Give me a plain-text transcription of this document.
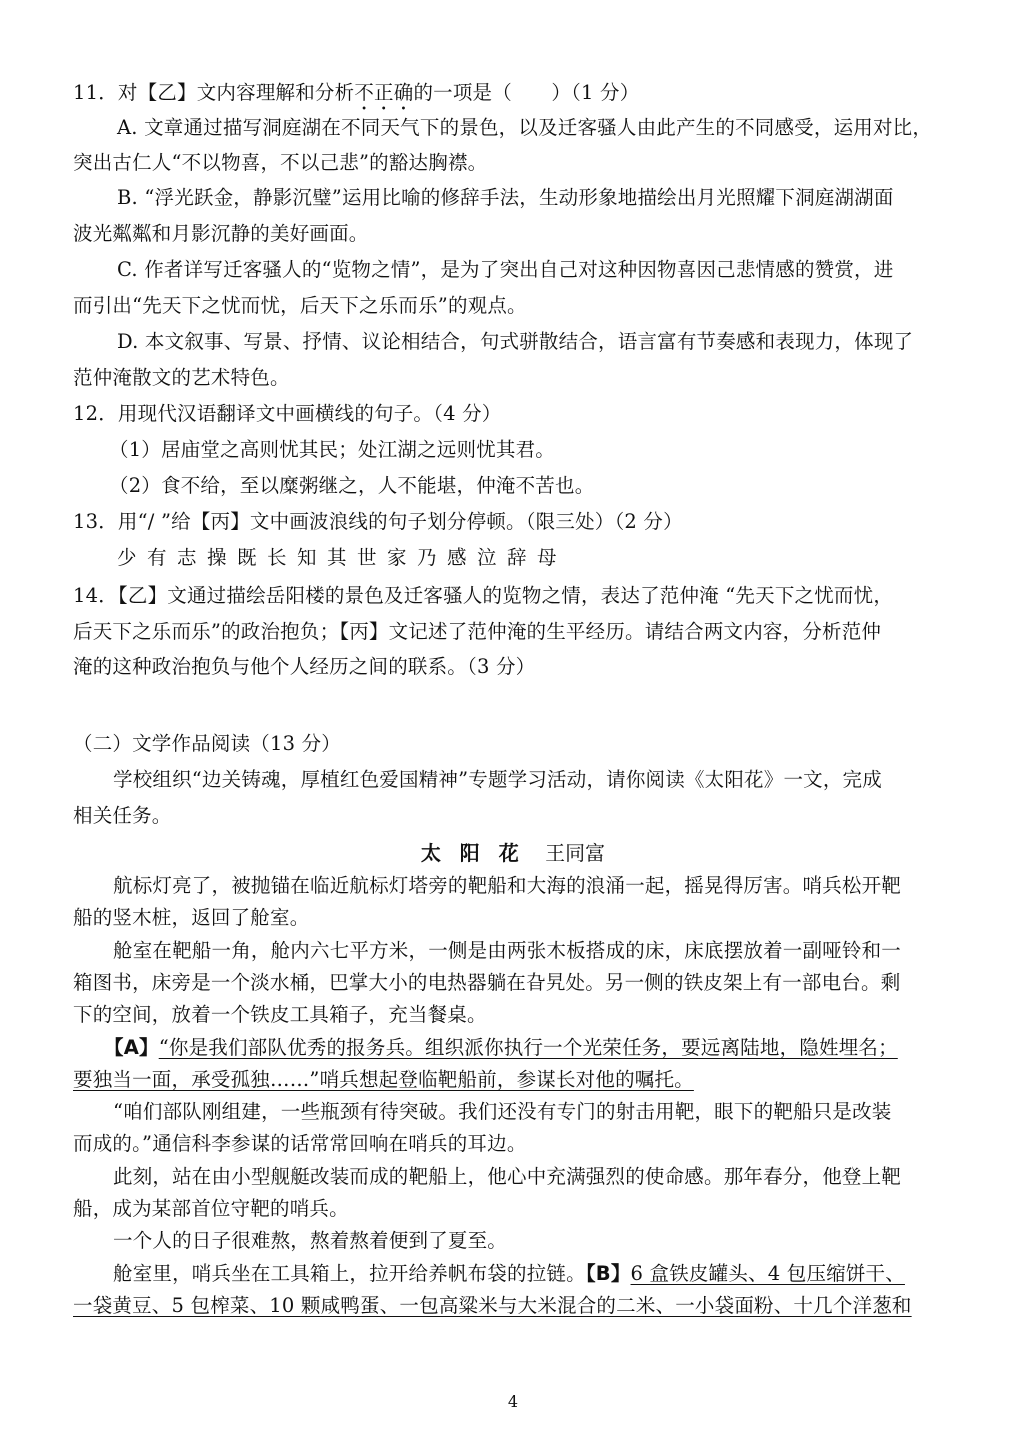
11．对【乙】文内容理解和分析不正确的一项是（　　）（1 分）
A. 文章通过描写洞庭湖在不同天气下的景色，以及迁客骚人由此产生的不同感受，运用对比，
突出古仁人“不以物喜，不以己悲”的豁达胸襟。
B. “浮光跃金，静影沉璧”运用比喻的修辞手法，生动形象地描绘出月光照耀下洞庭湖湖面
波光粼粼和月影沉静的美好画面。
C. 作者详写迁客骚人的“览物之情”，是为了突出自己对这种因物喜因己悲情感的赞赏，进
而引出“先天下之忧而忧，后天下之乐而乐”的观点。
D. 本文叙事、写景、抒情、议论相结合，句式骈散结合，语言富有节奏感和表现力，体现了
范仲淹散文的艺术特色。
12．用现代汉语翻译文中画横线的句子。（4 分）
（1）居庙堂之高则忧其民；处江湖之远则忧其君。
（2）食不给，至以糜粥继之，人不能堪，仲淹不苦也。
13．用“/ ”给【丙】文中画波浪线的句子划分停顿。（限三处）（2 分）
少有志操既长知其世家乃感泣辞母
14．【乙】文通过描绘岳阳楼的景色及迁客骚人的览物之情，表达了范仲淹 “先天下之忧而忧，
后天下之乐而乐”的政治抱负；【丙】文记述了范仲淹的生平经历。请结合两文内容，分析范仲
淹的这种政治抱负与他个人经历之间的联系。（3 分）
（二）文学作品阅读（13 分）
学校组织“边关铸魂，厚植红色爱国精神”专题学习活动，请你阅读《太阳花》一文，完成
相关任务。
太 阳 花 王同富
航标灯亮了，被抛锚在临近航标灯塔旁的靶船和大海的浪涌一起，摇晃得厉害。哨兵松开靶
船的竖木桩，返回了舱室。
舱室在靶船一角，舱内六七平方米，一侧是由两张木板搭成的床，床底摆放着一副哑铃和一
箱图书，床旁是一个淡水桶，巴掌大小的电热器躺在旮旯处。另一侧的铁皮架上有一部电台。剩
下的空间，放着一个铁皮工具箱子，充当餐桌。
【A】“你是我们部队优秀的报务兵。组织派你执行一个光荣任务，要远离陆地，隐姓埋名；
要独当一面，承受孤独……”哨兵想起登临靶船前，参谋长对他的嘱托。
“咱们部队刚组建，一些瓶颈有待突破。我们还没有专门的射击用靶，眼下的靶船只是改装
而成的。”通信科李参谋的话常常回响在哨兵的耳边。
此刻，站在由小型舰艇改装而成的靶船上，他心中充满强烈的使命感。那年春分，他登上靶
船，成为某部首位守靶的哨兵。
一个人的日子很难熬，熬着熬着便到了夏至。
舱室里，哨兵坐在工具箱上，拉开给养帆布袋的拉链。【B】6 盒铁皮罐头、4 包压缩饼干、
一袋黄豆、5 包榨菜、10 颗咸鸭蛋、一包高粱米与大米混合的二米、一小袋面粉、十几个洋葱和
4
